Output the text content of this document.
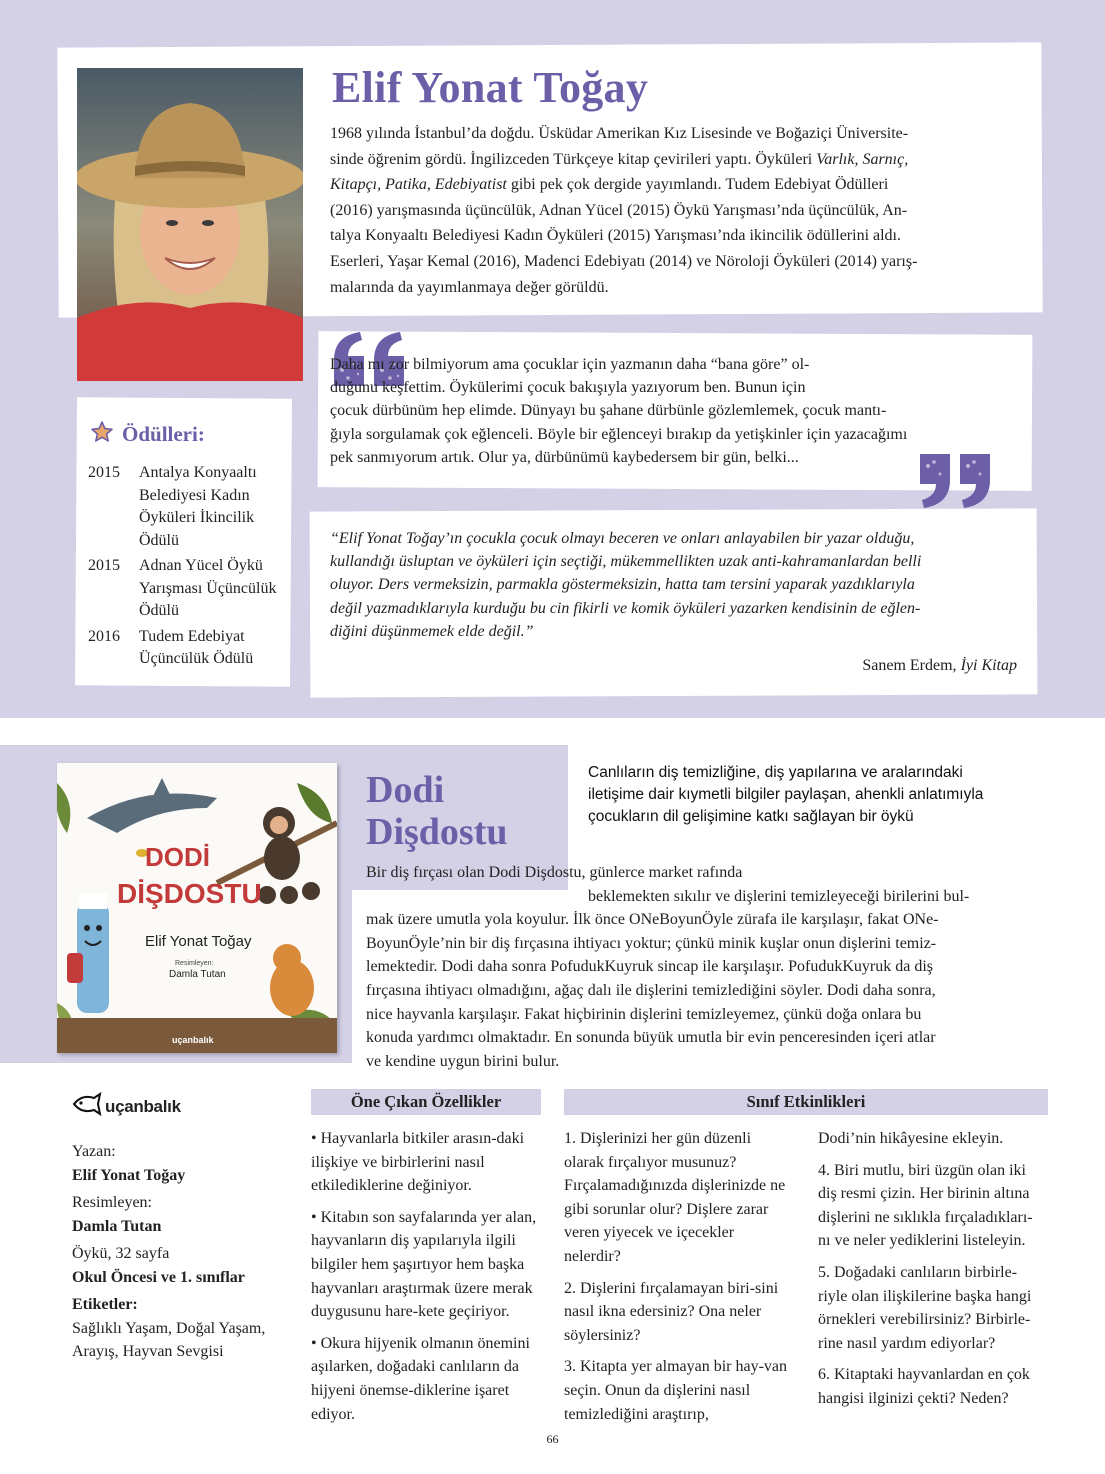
Elif Yonat Toğay

1968 yılında İstanbul’da doğdu. Üsküdar Amerikan Kız Lisesinde ve Boğaziçi Üniversite-
sinde öğrenim gördü. İngilizceden Türkçeye kitap çevirileri yaptı. Öyküleri Varlık, Sarnıç,
Kitapçı, Patika, Edebiyatist gibi pek çok dergide yayımlandı. Tudem Edebiyat Ödülleri
(2016) yarışmasında üçüncülük, Adnan Yücel (2015) Öykü Yarışması’nda üçüncülük, An-
talya Konyaaltı Belediyesi Kadın Öyküleri (2015) Yarışması’nda ikincilik ödüllerini aldı.
Eserleri, Yaşar Kemal (2016), Madenci Edebiyatı (2014) ve Nöroloji Öyküleri (2014) yarış-
malarında da yayımlanmaya değer görüldü.

Ödülleri:
2015	Antalya Konyaaltı Belediyesi Kadın Öyküleri İkincilik Ödülü
2015	Adnan Yücel Öykü Yarışması Üçüncülük Ödülü
2016	Tudem Edebiyat Üçüncülük Ödülü

Daha mı zor bilmiyorum ama çocuklar için yazmanın daha “bana göre” ol-
duğunu keşfettim. Öykülerimi çocuk bakışıyla yazıyorum ben. Bunun için
çocuk dürbünüm hep elimde. Dünyayı bu şahane dürbünle gözlemlemek, çocuk mantı-
ğıyla sorgulamak çok eğlenceli. Böyle bir eğlenceyi bırakıp da yetişkinler için yazacağımı
pek sanmıyorum artık. Olur ya, dürbünümü kaybedersem bir gün, belki...

“Elif Yonat Toğay’ın çocukla çocuk olmayı beceren ve onları anlayabilen bir yazar olduğu,
kullandığı üsluptan ve öyküleri için seçtiği, mükemmellikten uzak anti-kahramanlardan belli
oluyor. Ders vermeksizin, parmakla göstermeksizin, hatta tam tersini yaparak yazdıklarıyla
değil yazmadıklarıyla kurduğu bu cin fikirli ve komik öyküleri yazarken kendisinin de eğlen-
diğini düşünmemek elde değil.”

Sanem Erdem, İyi Kitap
DODİ
DİŞDOSTU
Elif Yonat Toğay
Resimleyen:
Damla Tutan
uçanbalık
Dodi
Dişdostu

Canlıların diş temizliğine, diş yapılarına ve aralarındaki
iletişime dair kıymetli bilgiler paylaşan, ahenkli anlatımıyla
çocukların dil gelişimine katkı sağlayan bir öykü

Bir diş fırçası olan Dodi Dişdostu, günlerce market rafında
beklemekten sıkılır ve dişlerini temizleyeceği birilerini bul-
mak üzere umutla yola koyulur. İlk önce ONeBoyunÖyle zürafa ile karşılaşır, fakat ONe-
BoyunÖyle’nin bir diş fırçasına ihtiyacı yoktur; çünkü minik kuşlar onun dişlerini temiz-
lemektedir. Dodi daha sonra PofudukKuyruk sincap ile karşılaşır. PofudukKuyruk da diş
fırçasına ihtiyacı olmadığını, ağaç dalı ile dişlerini temizlediğini söyler. Dodi daha sonra,
nice hayvanla karşılaşır. Fakat hiçbirinin dişlerini temizleyemez, çünkü doğa onlara bu
konuda yardımcı olmaktadır. En sonunda büyük umutla bir evin penceresinden içeri atlar
ve kendine uygun birini bulur.

uçanbalık
Yazan:
Elif Yonat Toğay
Resimleyen:
Damla Tutan
Öykü, 32 sayfa
Okul Öncesi ve 1. sınıflar
Etiketler:
Sağlıklı Yaşam, Doğal Yaşam, Arayış, Hayvan Sevgisi
Öne Çıkan Özellikler

• Hayvanlarla bitkiler arasın-daki ilişkiye ve birbirlerini nasıl etkilediklerine değiniyor.

• Kitabın son sayfalarında yer alan, hayvanların diş yapılarıyla ilgili bilgiler hem şaşırtıyor hem başka hayvanları araştırmak üzere merak duygusunu hare-kete geçiriyor.

• Okura hijyenik olmanın önemini aşılarken, doğadaki canlıların da hijyeni önemse-diklerine işaret ediyor.

Sınıf Etkinlikleri

1. Dişlerinizi her gün düzenli olarak fırçalıyor musunuz? Fırçalamadığınızda dişlerinizde ne gibi sorunlar olur? Dişlere zarar veren yiyecek ve içecekler nelerdir?

2. Dişlerini fırçalamayan biri-sini nasıl ikna edersiniz? Ona neler söylersiniz?

3. Kitapta yer almayan bir hay-van seçin. Onun da dişlerini nasıl temizlediğini araştırıp,

Dodi’nin hikâyesine ekleyin.

4. Biri mutlu, biri üzgün olan iki diş resmi çizin. Her birinin altına dişlerini ne sıklıkla fırçaladıkları-nı ve neler yediklerini listeleyin.

5. Doğadaki canlıların birbirle-riyle olan ilişkilerine başka hangi örnekleri verebilirsiniz? Birbirle-rine nasıl yardım ediyorlar?

6. Kitaptaki hayvanlardan en çok hangisi ilginizi çekti? Neden?

66
